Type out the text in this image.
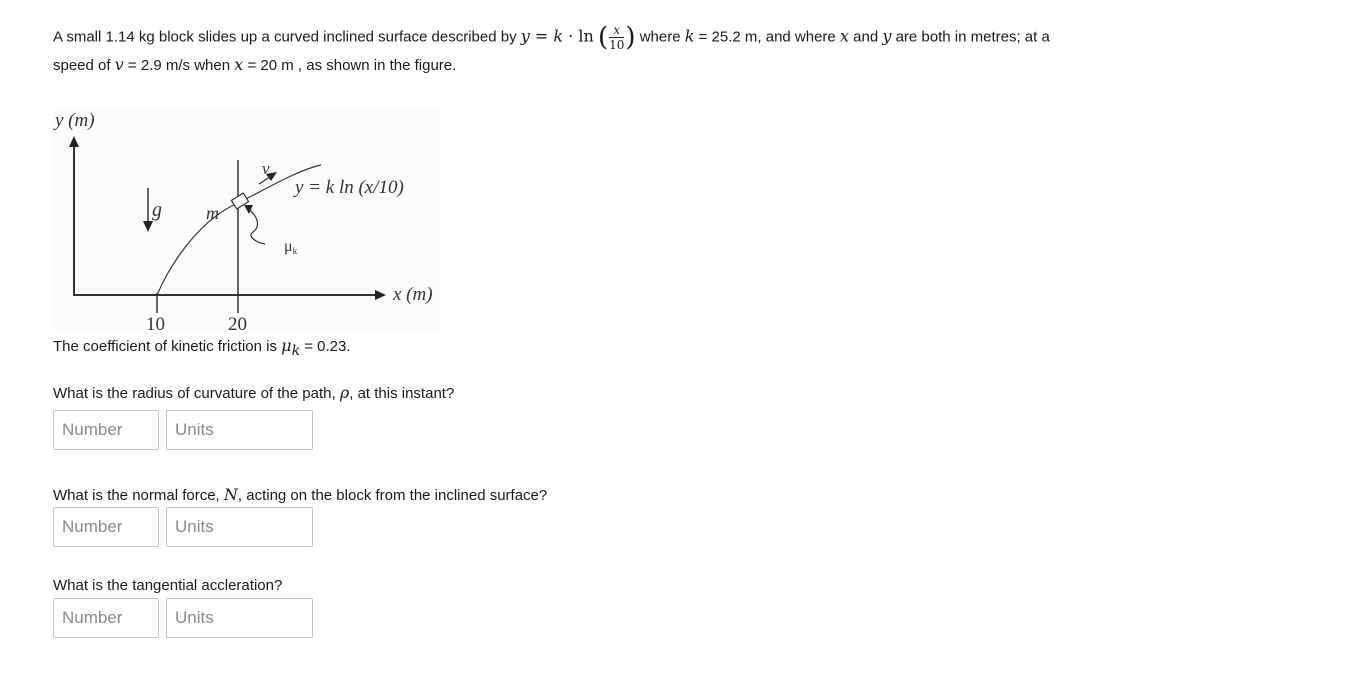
A small 1.14 kg block slides up a curved inclined surface described by y = k · ln ( $\frac{x}{10}$ ) where k = 25.2 m, and where x and y are both in metres; at a
speed of v = 2.9 m/s when x = 20 m , as shown in the figure.
y (m)
x (m)
10	20
g m
v
y = k ln (x/10)
μk
The coefficient of kinetic friction is $\mu_k = 0.23$.
What is the radius of curvature of the path, ρ, at this instant?
Number
Units
What is the normal force, N, acting on the block from the inclined surface?
Number
Units
What is the tangential accleration?
Number
Units
